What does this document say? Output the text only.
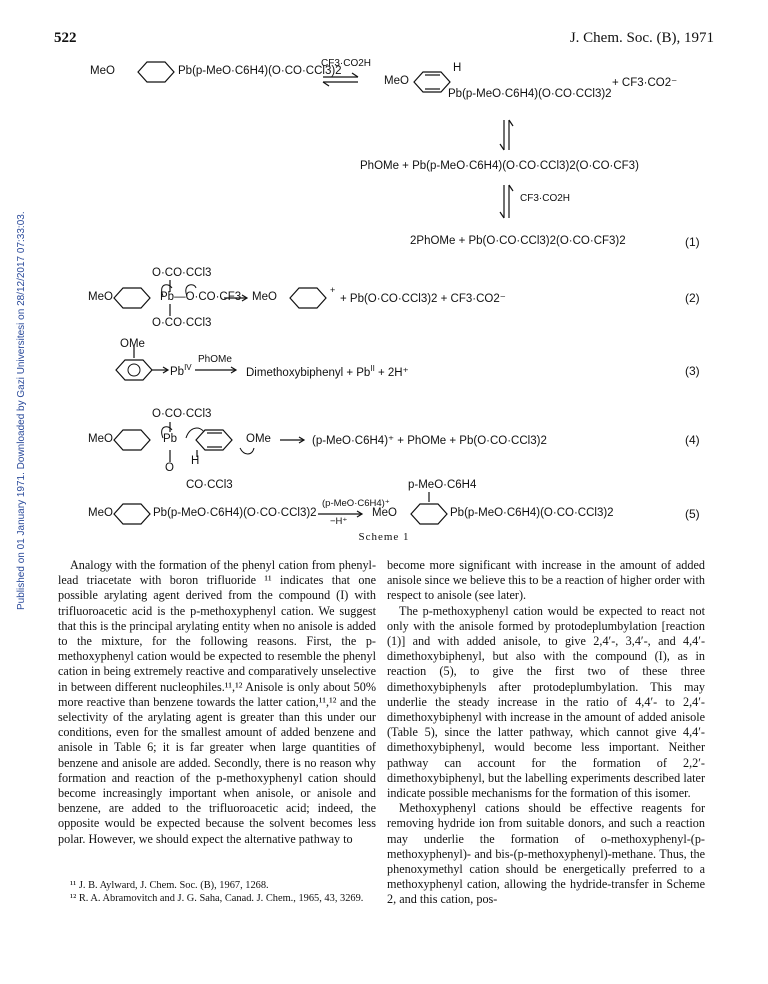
522	J. Chem. Soc. (B), 1971
Published on 01 January 1971. Downloaded by Gazi Universitesi on 28/12/2017 07:33:03.
MeO	Pb(p-MeO·C6H4)(O·CO·CCl3)2
CF3·CO2H
MeO
H
Pb(p-MeO·C6H4)(O·CO·CCl3)2
+ CF3·CO2⁻
PhOMe + Pb(p-MeO·C6H4)(O·CO·CCl3)2(O·CO·CF3)
CF3·CO2H
2PhOMe + Pb(O·CO·CCl3)2(O·CO·CF3)2	(1)
O·CO·CCl3
MeO	Pb—O·CO·CF3
O·CO·CCl3
MeO
+
+ Pb(O·CO·CCl3)2 + CF3·CO2⁻	(2)
OMe
$Pb^{IV}$
PhOMe
Dimethoxybiphenyl + $Pb^{II} + 2H^+$	(3)
O·CO·CCl3
MeO	Pb
H
OMe
O
CO·CCl3
(p-MeO·C6H4)⁺ + PhOMe + Pb(O·CO·CCl3)2	(4)
MeO	Pb(p-MeO·C6H4)(O·CO·CCl3)2
(p-MeO·C6H4)⁺
−H⁺
p-MeO·C6H4
MeO	Pb(p-MeO·C6H4)(O·CO·CCl3)2	(5)
Scheme 1

Analogy with the formation of the phenyl cation from phenyl-lead triacetate with boron trifluoride ¹¹ indicates that one possible arylating agent derived from the compound (I) with trifluoroacetic acid is the p-methoxyphenyl cation. We suggest that this is the principal arylating entity when no anisole is added to the mixture, for the following reasons. First, the p-methoxyphenyl cation would be expected to resemble the phenyl cation in being extremely reactive and comparatively unselective in between different nucleophiles.¹¹,¹² Anisole is only about 50% more reactive than benzene towards the latter cation,¹¹,¹² and the selectivity of the arylating agent is greater than this under our conditions, even for the smallest amount of added benzene and anisole in Table 6; it is far greater when large quantities of benzene and anisole are added. Secondly, there is no reason why formation and reaction of the p-methoxyphenyl cation should become increasingly important when anisole, or anisole and benzene, are added to the trifluoroacetic acid; indeed, the opposite would be expected because the solvent becomes less polar. However, we should expect the alternative pathway to

become more significant with increase in the amount of added anisole since we believe this to be a reaction of higher order with respect to anisole (see later).

The p-methoxyphenyl cation would be expected to react not only with the anisole formed by protodeplumbylation [reaction (1)] and with added anisole, to give 2,4′-, 3,4′-, and 4,4′-dimethoxybiphenyl, but also with the compound (I), as in reaction (5), to give the first two of these three dimethoxybiphenyls after protodeplumbylation. This may underlie the steady increase in the ratio of 4,4′- to 2,4′-dimethoxybiphenyl with increase in the amount of added anisole (Table 5), since the latter pathway, which cannot give 4,4′-dimethoxybiphenyl, would become less important. Neither pathway can account for the formation of 2,2′-dimethoxybiphenyl, but the labelling experiments described later indicate possible mechanisms for the formation of this isomer.

Methoxyphenyl cations should be effective reagents for removing hydride ion from suitable donors, and such a reaction may underlie the formation of o-methoxyphenyl-(p-methoxyphenyl)- and bis-(p-methoxyphenyl)-methane. Thus, the phenoxymethyl cation should be energetically preferred to a methoxyphenyl cation, allowing the hydride-transfer in Scheme 2, and this cation, pos-

¹¹ J. B. Aylward, J. Chem. Soc. (B), 1967, 1268.
¹² R. A. Abramovitch and J. G. Saha, Canad. J. Chem., 1965, 43, 3269.
